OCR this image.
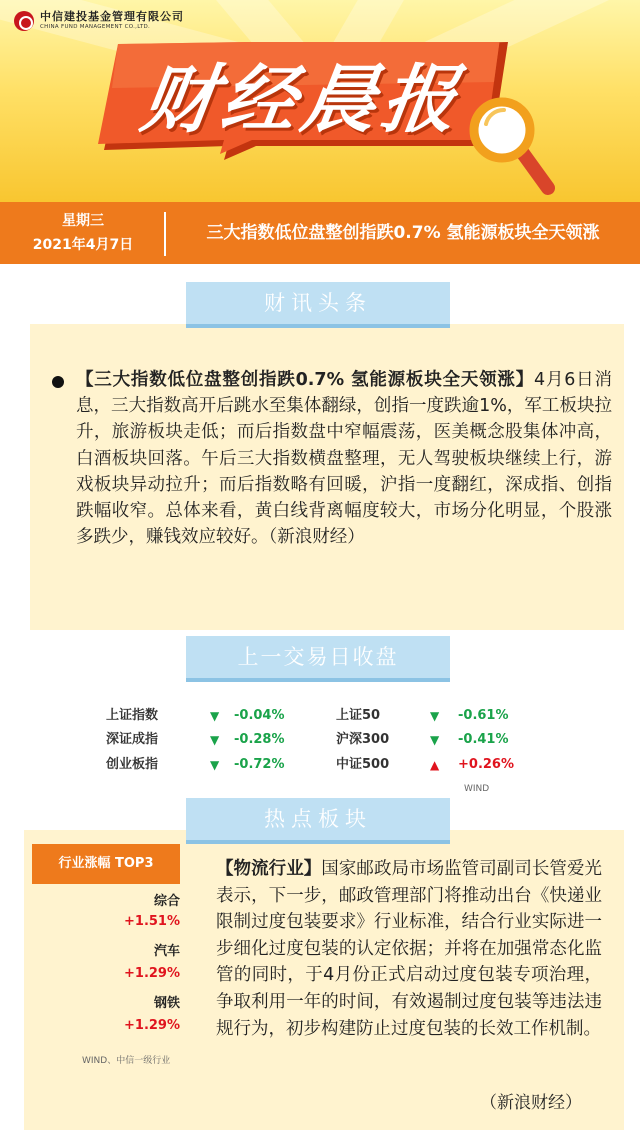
中信建投基金管理有限公司
CHINA FUND MANAGEMENT CO.,LTD.
财经晨报
星期三
2021年4月7日
三大指数低位盘整创指跌0.7% 氢能源板块全天领涨
财讯头条

【三大指数低位盘整创指跌0.7% 氢能源板块全天领涨】4月6日消息，三大指数高开后跳水至集体翻绿，创指一度跌逾1%，军工板块拉升，旅游板块走低；而后指数盘中窄幅震荡，医美概念股集体冲高，白酒板块回落。午后三大指数横盘整理，无人驾驶板块继续上行，游戏板块异动拉升；而后指数略有回暖，沪指一度翻红，深成指、创指跌幅收窄。总体来看，黄白线背离幅度较大，市场分化明显，个股涨多跌少，赚钱效应较好。（新浪财经）

上一交易日收盘
上证指数	▼ -0.04%	上证50	▼ -0.61%
深证成指	▼ -0.28%	沪深300	▼ -0.41%
创业板指	▼ -0.72%	中证500	▲ +0.26%
WIND
热点板块
行业涨幅 TOP3
综合
+1.51%
汽车
+1.29%
钢铁
+1.29%
WIND、中信一级行业

【物流行业】国家邮政局市场监管司副司长管爱光表示，下一步，邮政管理部门将推动出台《快递业限制过度包装要求》行业标准，结合行业实际进一步细化过度包装的认定依据；并将在加强常态化监管的同时，于4月份正式启动过度包装专项治理，争取利用一年的时间，有效遏制过度包装等违法违规行为，初步构建防止过度包装的长效工作机制。

（新浪财经）
